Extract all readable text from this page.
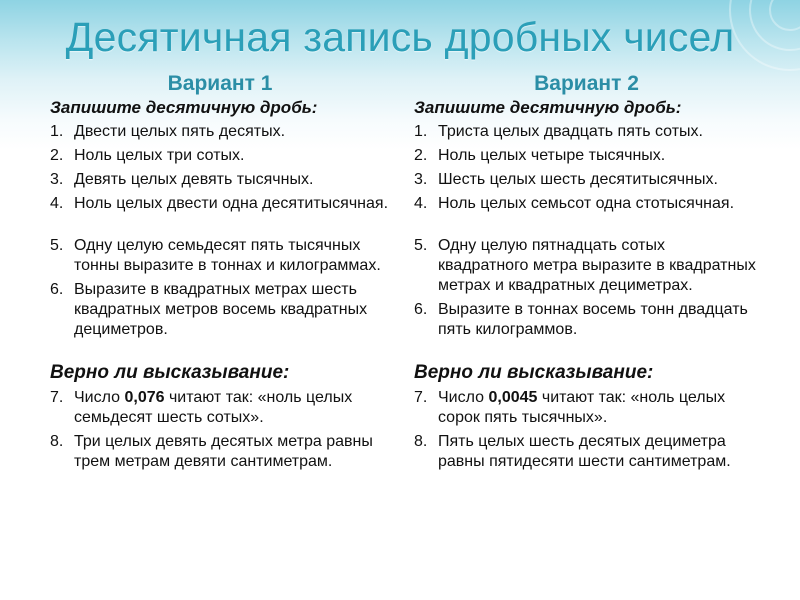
Десятичная запись дробных чисел
Вариант 1
Запишите десятичную дробь:
1. Двести целых пять десятых.
2. Ноль целых три сотых.
3. Девять целых девять тысячных.
4. Ноль целых двести одна десятитысячная.
5. Одну целую семьдесят пять тысячных тонны выразите в тоннах и килограммах.
6. Выразите в квадратных метрах шесть квадратных метров восемь квадратных дециметров.
Верно ли высказывание:
7. Число 0,076 читают так: «ноль целых семьдесят шесть сотых».
8. Три целых девять десятых метра равны трем метрам девяти сантиметрам.
Вариант 2
Запишите десятичную дробь:
1. Триста целых двадцать пять сотых.
2. Ноль целых четыре тысячных.
3. Шесть целых шесть десятитысячных.
4. Ноль целых семьсот одна стотысячная.
5. Одну целую пятнадцать сотых квадратного метра выразите в квадратных метрах и квадратных дециметрах.
6. Выразите в тоннах восемь тонн двадцать пять килограммов.
Верно ли высказывание:
7. Число 0,0045 читают так: «ноль целых сорок пять тысячных».
8. Пять целых шесть десятых дециметра равны пятидесяти шести сантиметрам.
